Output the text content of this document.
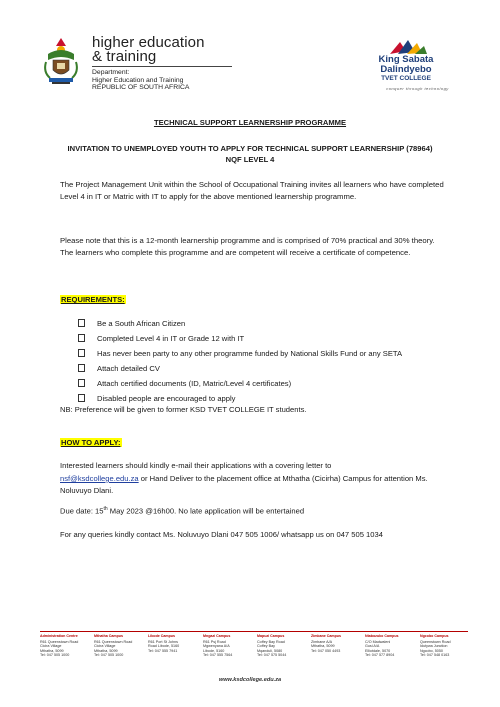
higher education
& training
Department:
Higher Education and Training
REPUBLIC OF SOUTH AFRICA
King Sabata
Dalindyebo
TVET COLLEGE
conquer through technology
TECHNICAL SUPPORT LEARNERSHIP PROGRAMME
INVITATION TO UNEMPLOYED YOUTH TO APPLY FOR TECHNICAL SUPPORT LEARNERSHIP (78964)
NQF LEVEL 4
The Project Management Unit within the School of Occupational Training invites all learners who have completed Level 4 in IT or Matric with IT to apply for the above mentioned learnership programme.
Please note that this is a 12-month learnership programme and is comprised of 70% practical and 30% theory. The learners who complete this programme and are competent will receive a certificate of competence.
REQUIREMENTS:
Be a South African Citizen
Completed Level 4 in IT or Grade 12 with IT
Has never been party to any other programme funded by National Skills Fund or any SETA
Attach detailed CV
Attach certified documents (ID, Matric/Level 4 certificates)
Disabled people are encouraged to apply
NB: Preference will be given to former KSD TVET COLLEGE IT students.
HOW TO APPLY:
Interested learners should kindly e-mail their applications with a covering letter to
nsf@ksdcollege.edu.za or Hand Deliver to the placement office at Mthatha (Cicirha) Campus for attention Ms. Noluvuyo Dlani.
Due date: 15th May 2023 @16h00. No late application will be entertained
For any queries kindly contact Ms. Noluvuyo Dlani 047 505 1006/ whatsapp us on 047 505 1034
Administration Centre
R61 Queenstown Road
Cicira Village
Mthatha, 5099
Tel: 047 505 1000
Mthatha Campus
R61 Queenstown Road
Cicira Village
Mthatha, 5099
Tel: 047 505 1000
Libode Campus
R61 Port St Johns
Road Libode, 5160
Tel: 047 555 7941
Mngazi Campus
R61 Psj Road
Mgwenyana A/A
Libode, 5160
Tel: 047 555 7564
Mapuzi Campus
Coffey Bay Road
Coffey Bay
Mqanduli, 5080
Tel: 047 575 5044
Zimbane Campus
Zimbane A/A
Mthatha, 5099
Tel: 047 050 4493
Ntabozuko Campus
C/O Madwaleni
Gusi A/A
Elliotdale, 5070
Tel: 047 577 8904
Ngcobo Campus
Queenstown Road
Idutywa Junction
Ngcobo, 5050
Tel: 047 548 0163
www.ksdcollege.edu.za
